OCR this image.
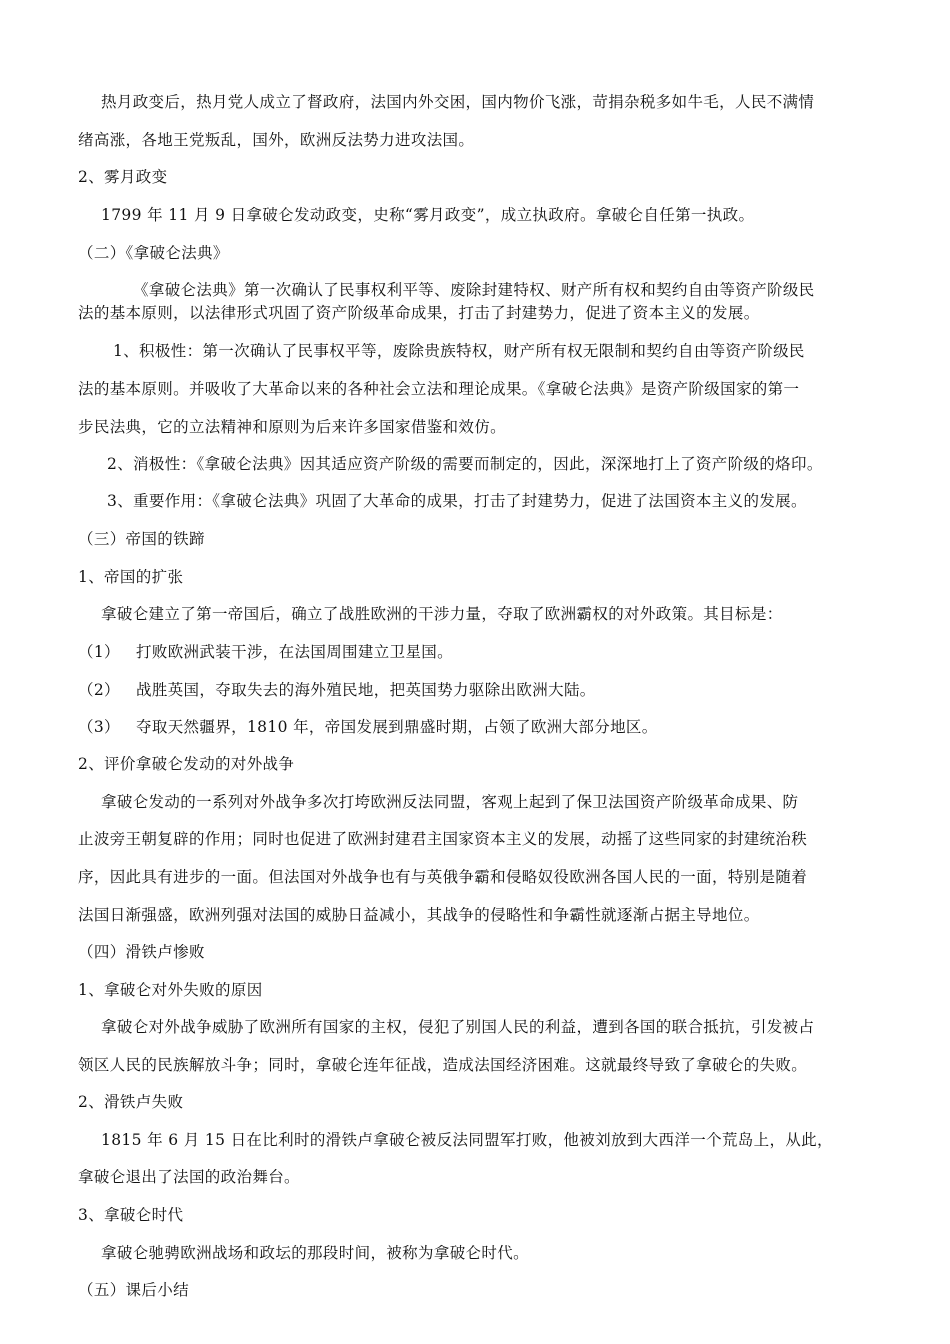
热月政变后，热月党人成立了督政府，法国内外交困，国内物价飞涨，苛捐杂税多如牛毛，人民不满情
绪高涨，各地王党叛乱，国外，欧洲反法势力进攻法国。
2、雾月政变
1799 年 11 月 9 日拿破仑发动政变，史称“雾月政变”，成立执政府。拿破仑自任第一执政。
（二）《拿破仑法典》
《拿破仑法典》第一次确认了民事权利平等、废除封建特权、财产所有权和契约自由等资产阶级民
法的基本原则，以法律形式巩固了资产阶级革命成果，打击了封建势力，促进了资本主义的发展。
1、积极性：第一次确认了民事权平等，废除贵族特权，财产所有权无限制和契约自由等资产阶级民
法的基本原则。并吸收了大革命以来的各种社会立法和理论成果。《拿破仑法典》是资产阶级国家的第一
步民法典，它的立法精神和原则为后来许多国家借鉴和效仿。
2、消极性：《拿破仑法典》因其适应资产阶级的需要而制定的，因此，深深地打上了资产阶级的烙印。
3、重要作用：《拿破仑法典》巩固了大革命的成果，打击了封建势力，促进了法国资本主义的发展。
（三）帝国的铁蹄
1、帝国的扩张
拿破仑建立了第一帝国后，确立了战胜欧洲的干涉力量，夺取了欧洲霸权的对外政策。其目标是：
（1） 打败欧洲武装干涉，在法国周围建立卫星国。
（2） 战胜英国，夺取失去的海外殖民地，把英国势力驱除出欧洲大陆。
（3） 夺取天然疆界，1810 年，帝国发展到鼎盛时期，占领了欧洲大部分地区。
2、评价拿破仑发动的对外战争
拿破仑发动的一系列对外战争多次打垮欧洲反法同盟，客观上起到了保卫法国资产阶级革命成果、防
止波旁王朝复辟的作用；同时也促进了欧洲封建君主国家资本主义的发展，动摇了这些同家的封建统治秩
序，因此具有进步的一面。但法国对外战争也有与英俄争霸和侵略奴役欧洲各国人民的一面，特别是随着
法国日渐强盛，欧洲列强对法国的威胁日益减小，其战争的侵略性和争霸性就逐渐占据主导地位。
（四）滑铁卢惨败
1、拿破仑对外失败的原因
拿破仑对外战争威胁了欧洲所有国家的主权，侵犯了别国人民的利益，遭到各国的联合抵抗，引发被占
领区人民的民族解放斗争；同时，拿破仑连年征战，造成法国经济困难。这就最终导致了拿破仑的失败。
2、滑铁卢失败
1815 年 6 月 15 日在比利时的滑铁卢拿破仑被反法同盟军打败，他被刘放到大西洋一个荒岛上，从此，
拿破仑退出了法国的政治舞台。
3、拿破仑时代
拿破仑驰骋欧洲战场和政坛的那段时间，被称为拿破仑时代。
（五）课后小结
